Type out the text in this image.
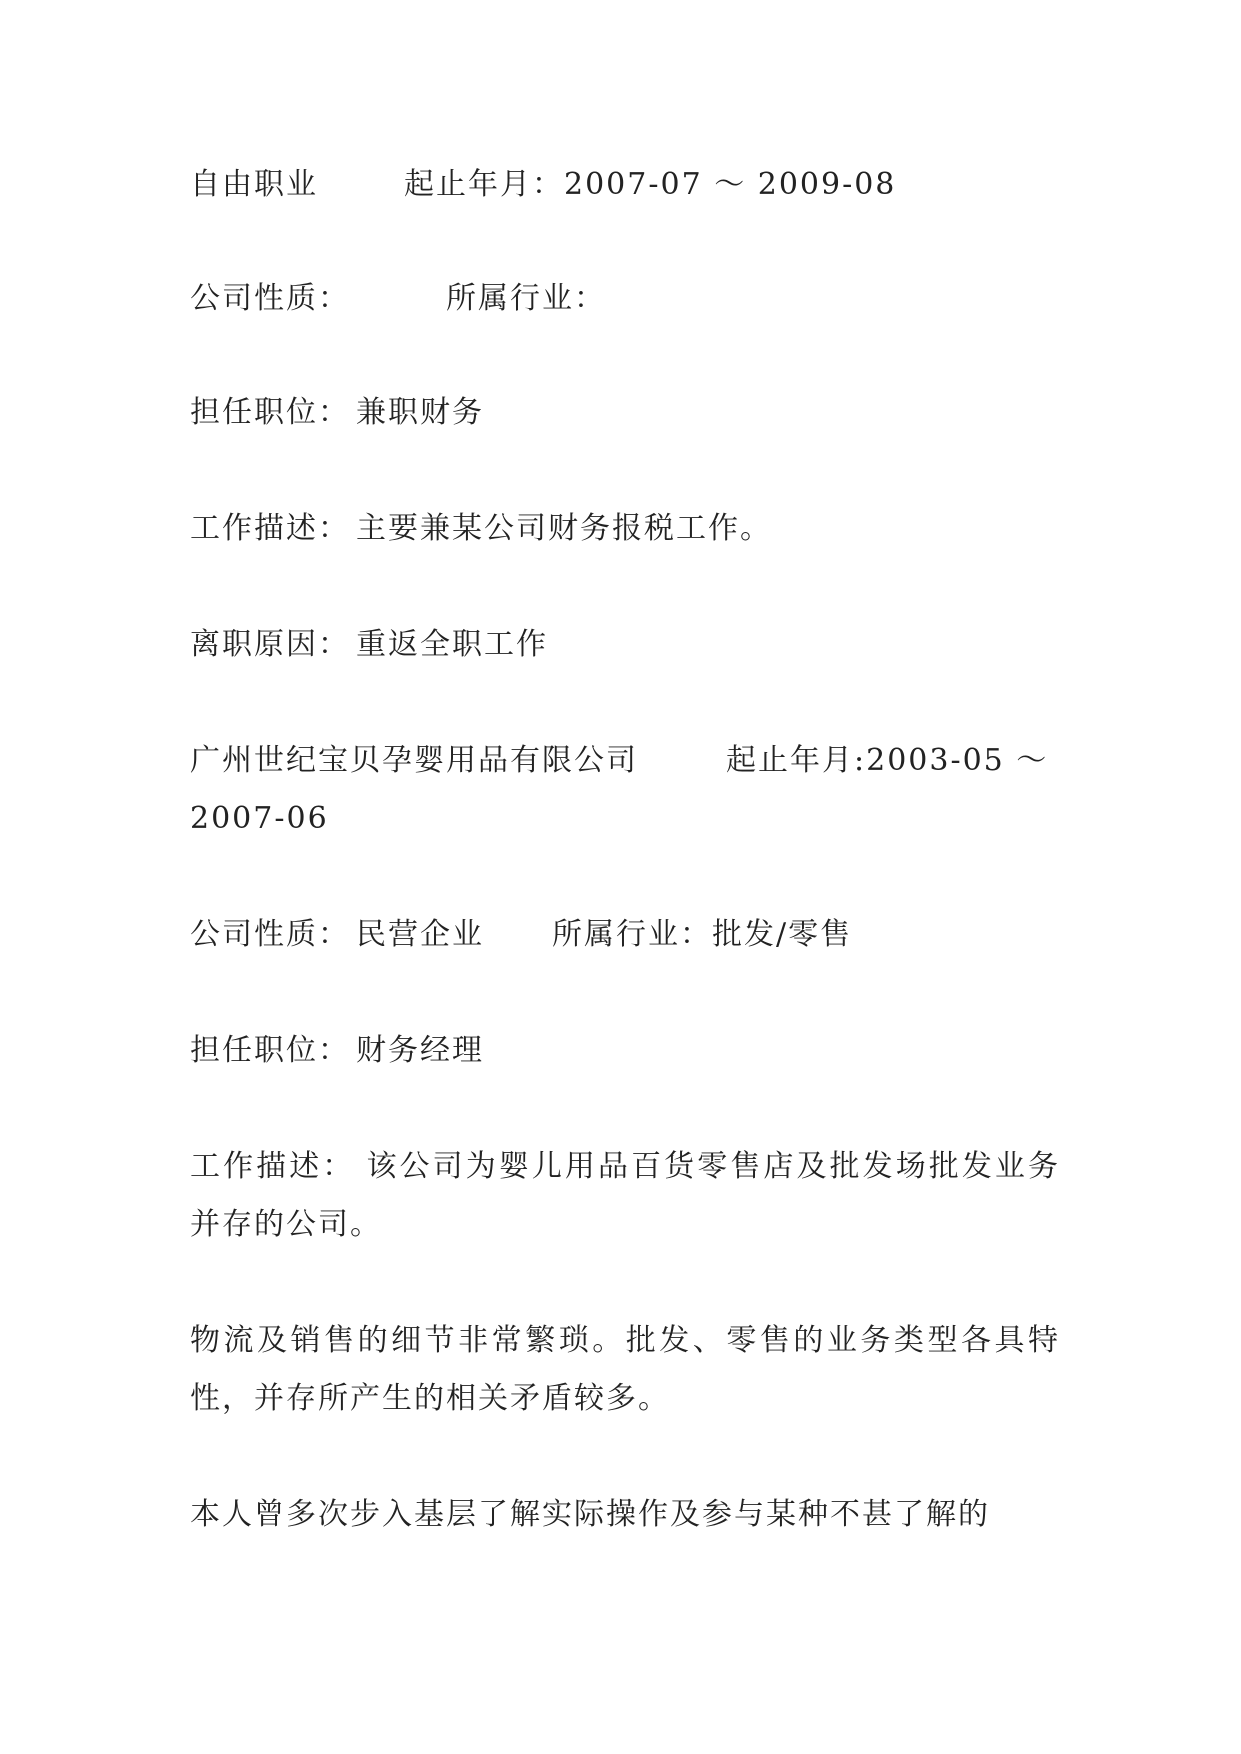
自由职业	起止年月：2007-07 ～ 2009-08
公司性质：	所属行业：
担任职位： 兼职财务
工作描述： 主要兼某公司财务报税工作。
离职原因： 重返全职工作
广州世纪宝贝孕婴用品有限公司	起止年月:2003-05 ～
2007-06
公司性质： 民营企业 所属行业：批发/零售
担任职位： 财务经理
工作描述： 该公司为婴儿用品百货零售店及批发场批发业务并存的公司。
物流及销售的细节非常繁琐。批发、零售的业务类型各具特性，并存所产生的相关矛盾较多。
本人曾多次步入基层了解实际操作及参与某种不甚了解的
